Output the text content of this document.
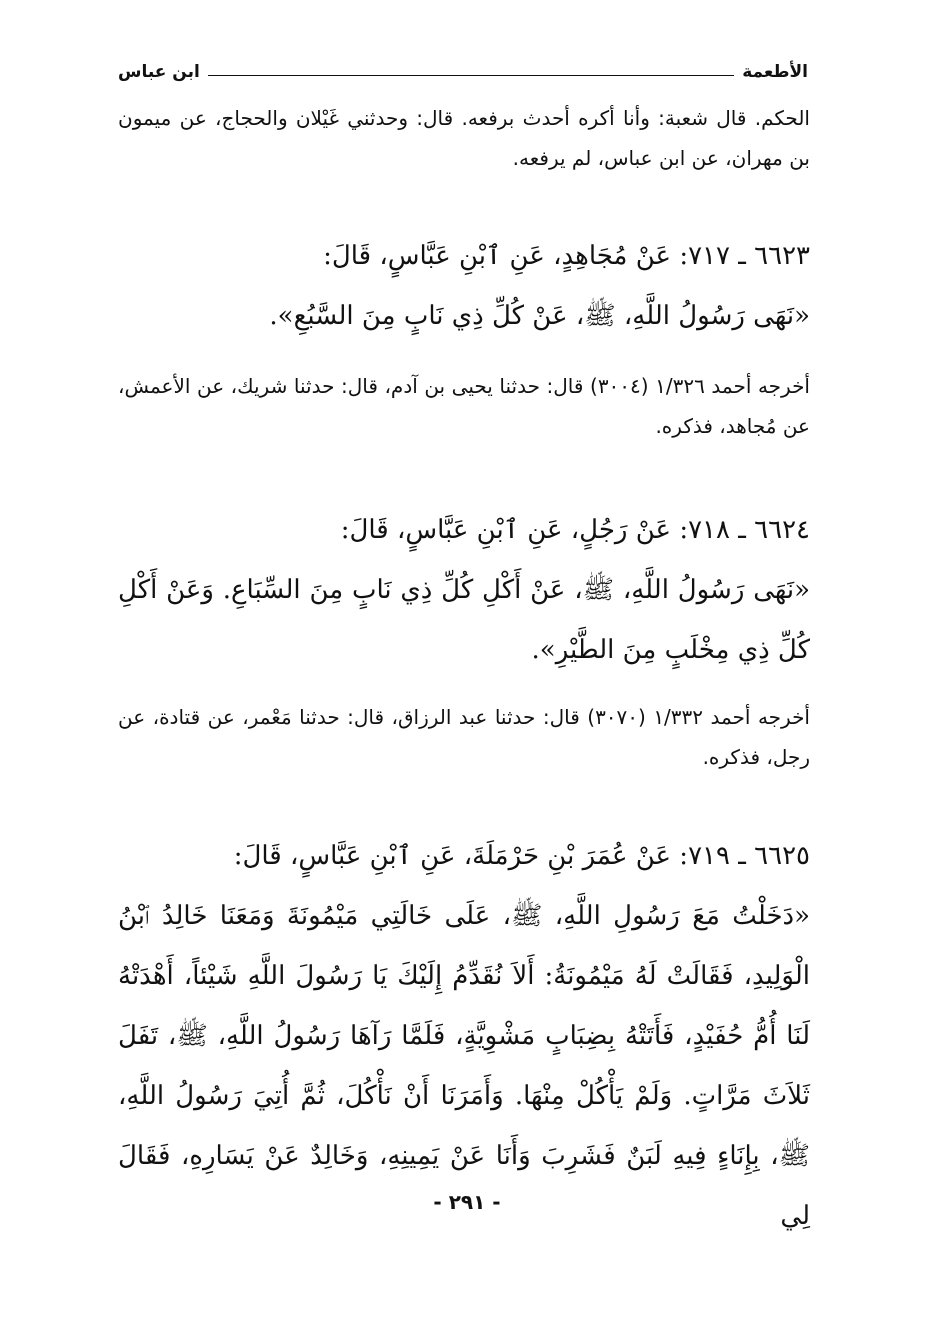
الأطعمة
ابن عباس

الحكم. قال شعبة: وأنا أكره أحدث برفعه. قال: وحدثني غَيْلان والحجاج، عن ميمون بن مهران، عن ابن عباس، لم يرفعه.

٦٦٢٣ ـ ٧١٧: عَنْ مُجَاهِدٍ، عَنِ ٱبْنِ عَبَّاسٍ، قَالَ:

«نَهَى رَسُولُ اللَّهِ، ﷺ، عَنْ كُلِّ ذِي نَابٍ مِنَ السَّبُعِ».

أخرجه أحمد ١/٣٢٦ (٣٠٠٤) قال: حدثنا يحيى بن آدم، قال: حدثنا شريك، عن الأعمش، عن مُجاهد، فذكره.

٦٦٢٤ ـ ٧١٨: عَنْ رَجُلٍ، عَنِ ٱبْنِ عَبَّاسٍ، قَالَ:

«نَهَى رَسُولُ اللَّهِ، ﷺ، عَنْ أَكْلِ كُلِّ ذِي نَابٍ مِنَ السِّبَاعِ. وَعَنْ أَكْلِ كُلِّ ذِي مِخْلَبٍ مِنَ الطَّيْرِ».

أخرجه أحمد ١/٣٣٢ (٣٠٧٠) قال: حدثنا عبد الرزاق، قال: حدثنا مَعْمر، عن قتادة، عن رجل، فذكره.

٦٦٢٥ ـ ٧١٩: عَنْ عُمَرَ بْنِ حَرْمَلَةَ، عَنِ ٱبْنِ عَبَّاسٍ، قَالَ:

«دَخَلْتُ مَعَ رَسُولِ اللَّهِ، ﷺ، عَلَى خَالَتِي مَيْمُونَةَ وَمَعَنَا خَالِدُ ٱبْنُ الْوَلِيدِ، فَقَالَتْ لَهُ مَيْمُونَةُ: أَلاَ نُقَدِّمُ إِلَيْكَ يَا رَسُولَ اللَّهِ شَيْئاً، أَهْدَتْهُ لَنَا أُمُّ حُفَيْدٍ، فَأَتَتْهُ بِضِبَابٍ مَشْوِيَّةٍ، فَلَمَّا رَآهَا رَسُولُ اللَّهِ، ﷺ، تَفَلَ ثَلاَثَ مَرَّاتٍ. وَلَمْ يَأْكُلْ مِنْهَا. وَأَمَرَنَا أَنْ نَأْكُلَ، ثُمَّ أُتِيَ رَسُولُ اللَّهِ، ﷺ، بِإِنَاءٍ فِيهِ لَبَنٌ فَشَرِبَ وَأَنَا عَنْ يَمِينِهِ، وَخَالِدٌ عَنْ يَسَارِهِ، فَقَالَ لِي

- ٢٩١ -
